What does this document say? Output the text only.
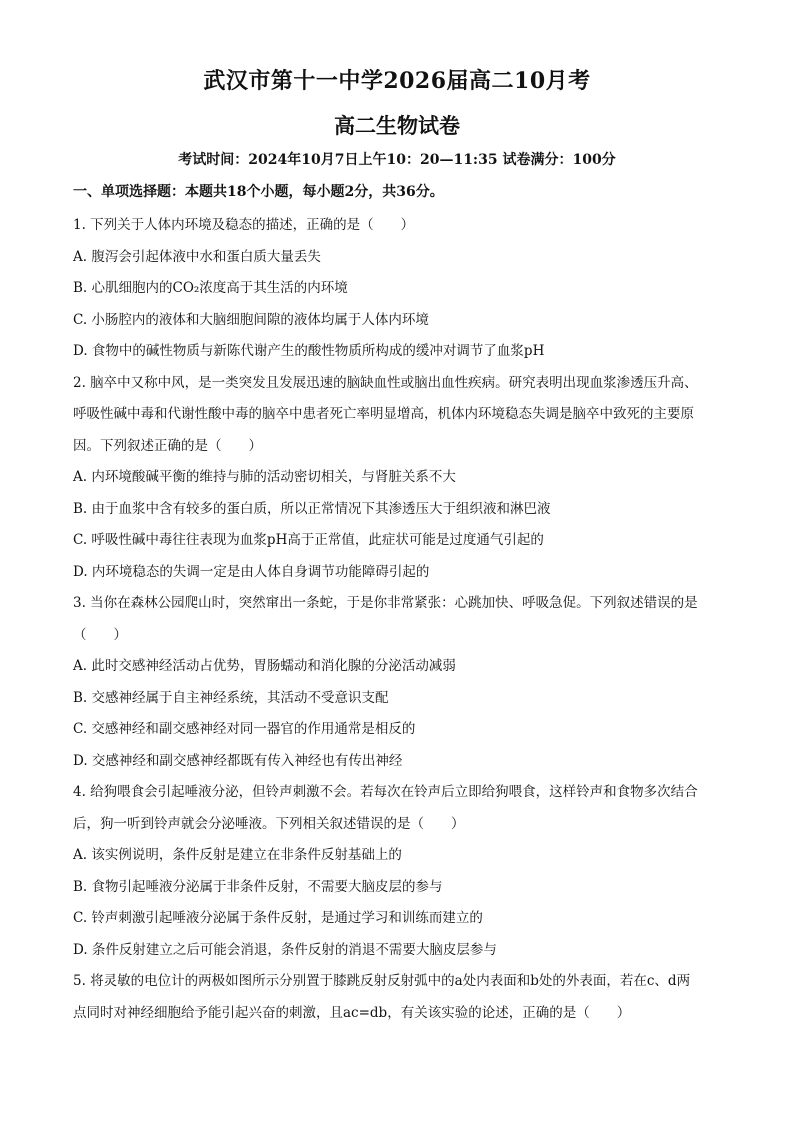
武汉市第十一中学2026届高二10月考
高二生物试卷
考试时间：2024年10月7日上午10：20—11:35 试卷满分：100分
一、单项选择题：本题共18个小题，每小题2分，共36分。
1. 下列关于人体内环境及稳态的描述，正确的是（　　）
A. 腹泻会引起体液中水和蛋白质大量丢失
B. 心肌细胞内的CO₂浓度高于其生活的内环境
C. 小肠腔内的液体和大脑细胞间隙的液体均属于人体内环境
D. 食物中的碱性物质与新陈代谢产生的酸性物质所构成的缓冲对调节了血浆pH
2. 脑卒中又称中风，是一类突发且发展迅速的脑缺血性或脑出血性疾病。研究表明出现血浆渗透压升高、
呼吸性碱中毒和代谢性酸中毒的脑卒中患者死亡率明显增高，机体内环境稳态失调是脑卒中致死的主要原
因。下列叙述正确的是（　　）
A. 内环境酸碱平衡的维持与肺的活动密切相关，与肾脏关系不大
B. 由于血浆中含有较多的蛋白质，所以正常情况下其渗透压大于组织液和淋巴液
C. 呼吸性碱中毒往往表现为血浆pH高于正常值，此症状可能是过度通气引起的
D. 内环境稳态的失调一定是由人体自身调节功能障碍引起的
3. 当你在森林公园爬山时，突然窜出一条蛇，于是你非常紧张：心跳加快、呼吸急促。下列叙述错误的是
（　　）
A. 此时交感神经活动占优势，胃肠蠕动和消化腺的分泌活动减弱
B. 交感神经属于自主神经系统，其活动不受意识支配
C. 交感神经和副交感神经对同一器官的作用通常是相反的
D. 交感神经和副交感神经都既有传入神经也有传出神经
4. 给狗喂食会引起唾液分泌，但铃声刺激不会。若每次在铃声后立即给狗喂食，这样铃声和食物多次结合
后，狗一听到铃声就会分泌唾液。下列相关叙述错误的是（　　）
A. 该实例说明，条件反射是建立在非条件反射基础上的
B. 食物引起唾液分泌属于非条件反射，不需要大脑皮层的参与
C. 铃声刺激引起唾液分泌属于条件反射，是通过学习和训练而建立的
D. 条件反射建立之后可能会消退，条件反射的消退不需要大脑皮层参与
5. 将灵敏的电位计的两极如图所示分别置于膝跳反射反射弧中的a处内表面和b处的外表面，若在c、d两
点同时对神经细胞给予能引起兴奋的刺激，且ac=db，有关该实验的论述，正确的是（　　）
